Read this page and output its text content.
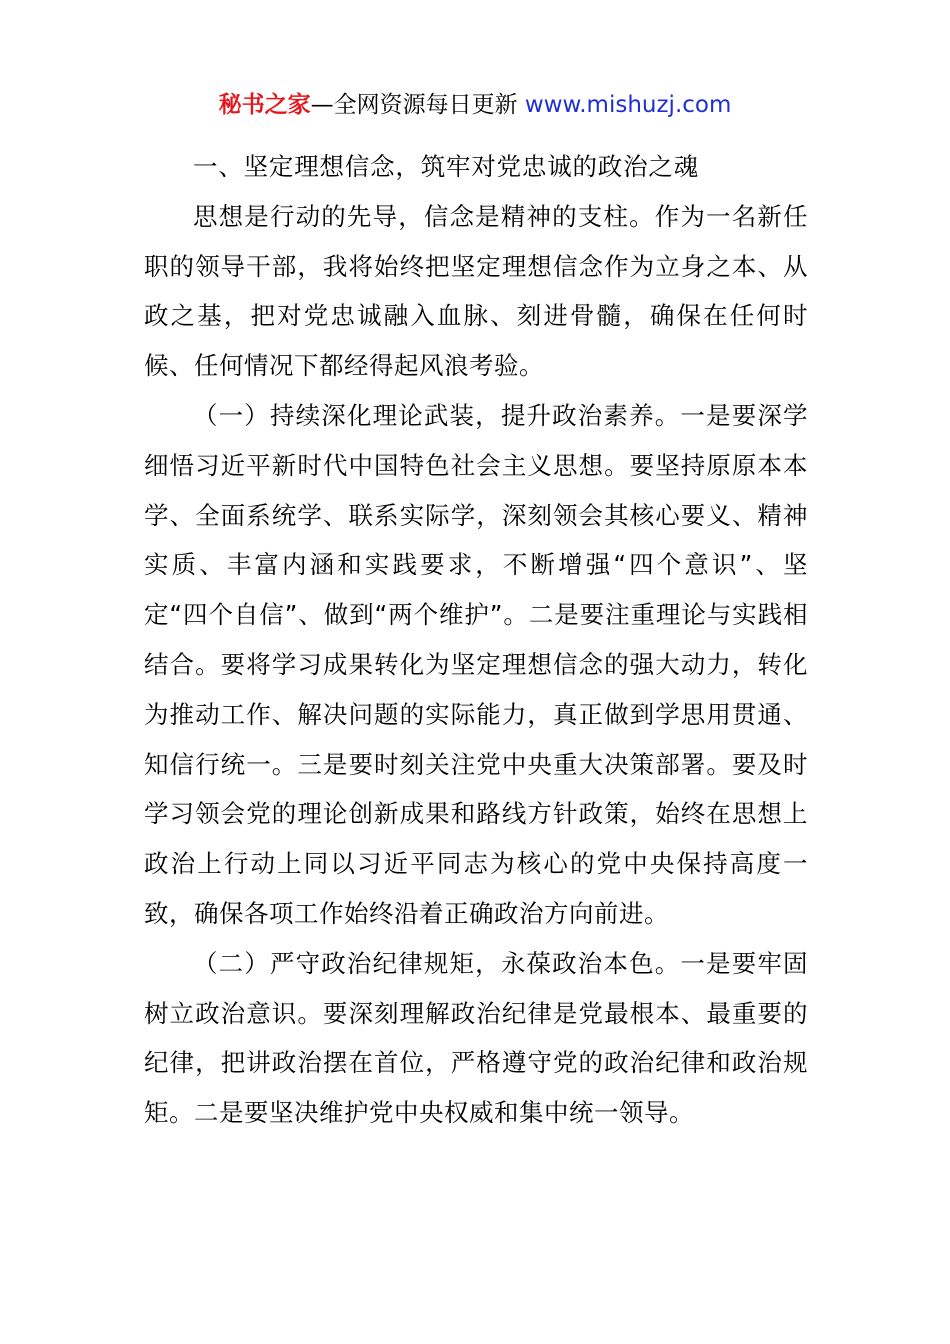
秘书之家—全网资源每日更新 www.mishuzj.com

一、坚定理想信念，筑牢对党忠诚的政治之魂

思想是行动的先导，信念是精神的支柱。作为一名新任职的领导干部，我将始终把坚定理想信念作为立身之本、从政之基，把对党忠诚融入血脉、刻进骨髓，确保在任何时候、任何情况下都经得起风浪考验。

（一）持续深化理论武装，提升政治素养。一是要深学细悟习近平新时代中国特色社会主义思想。要坚持原原本本学、全面系统学、联系实际学，深刻领会其核心要义、精神实质、丰富内涵和实践要求，不断增强“四个意识”、坚定“四个自信”、做到“两个维护”。二是要注重理论与实践相结合。要将学习成果转化为坚定理想信念的强大动力，转化为推动工作、解决问题的实际能力，真正做到学思用贯通、知信行统一。三是要时刻关注党中央重大决策部署。要及时学习领会党的理论创新成果和路线方针政策，始终在思想上政治上行动上同以习近平同志为核心的党中央保持高度一致，确保各项工作始终沿着正确政治方向前进。

（二）严守政治纪律规矩，永葆政治本色。一是要牢固树立政治意识。要深刻理解政治纪律是党最根本、最重要的纪律，把讲政治摆在首位，严格遵守党的政治纪律和政治规矩。二是要坚决维护党中央权威和集中统一领导。
